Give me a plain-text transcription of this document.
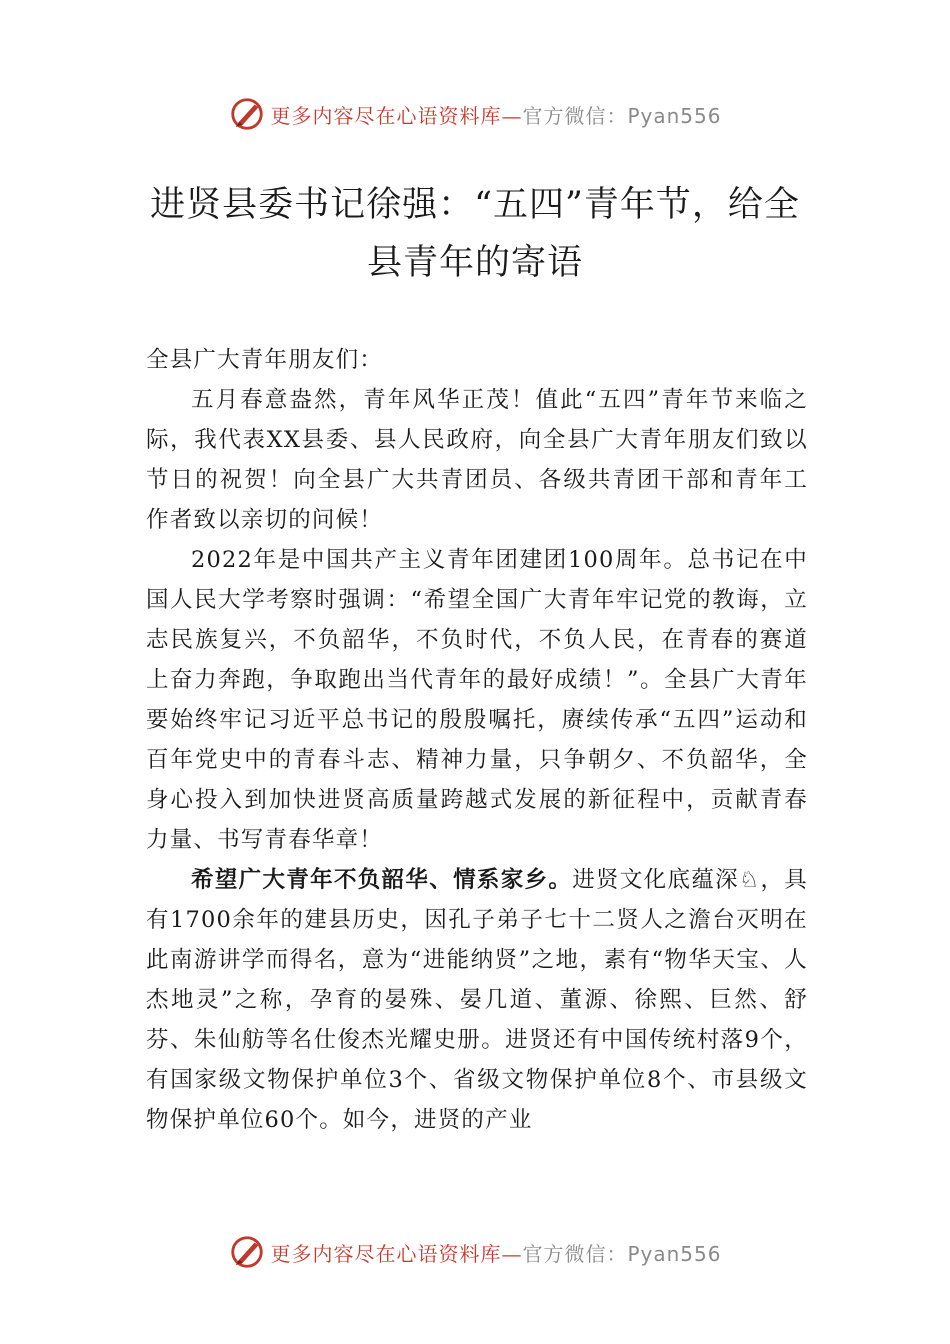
更多内容尽在心语资料库—官方微信：Pyan556
进贤县委书记徐强：“五四”青年节，给全县青年的寄语

全县广大青年朋友们：

五月春意盎然，青年风华正茂！值此“五四”青年节来临之际，我代表XX县委、县人民政府，向全县广大青年朋友们致以节日的祝贺！向全县广大共青团员、各级共青团干部和青年工作者致以亲切的问候！

2022年是中国共产主义青年团建团100周年。总书记在中国人民大学考察时强调：“希望全国广大青年牢记党的教诲，立志民族复兴，不负韶华，不负时代，不负人民，在青春的赛道上奋力奔跑，争取跑出当代青年的最好成绩！”。全县广大青年要始终牢记习近平总书记的殷殷嘱托，赓续传承“五四”运动和百年党史中的青春斗志、精神力量，只争朝夕、不负韶华，全身心投入到加快进贤高质量跨越式发展的新征程中，贡献青春力量、书写青春华章！

希望广大青年不负韶华、情系家乡。进贤文化底蕴深♘，具有1700余年的建县历史，因孔子弟子七十二贤人之澹台灭明在此南游讲学而得名，意为“进能纳贤”之地，素有“物华天宝、人杰地灵”之称，孕育的晏殊、晏几道、董源、徐熙、巨然、舒芬、朱仙舫等名仕俊杰光耀史册。进贤还有中国传统村落9个，有国家级文物保护单位3个、省级文物保护单位8个、市县级文物保护单位60个。如今，进贤的产业

更多内容尽在心语资料库—官方微信：Pyan556
